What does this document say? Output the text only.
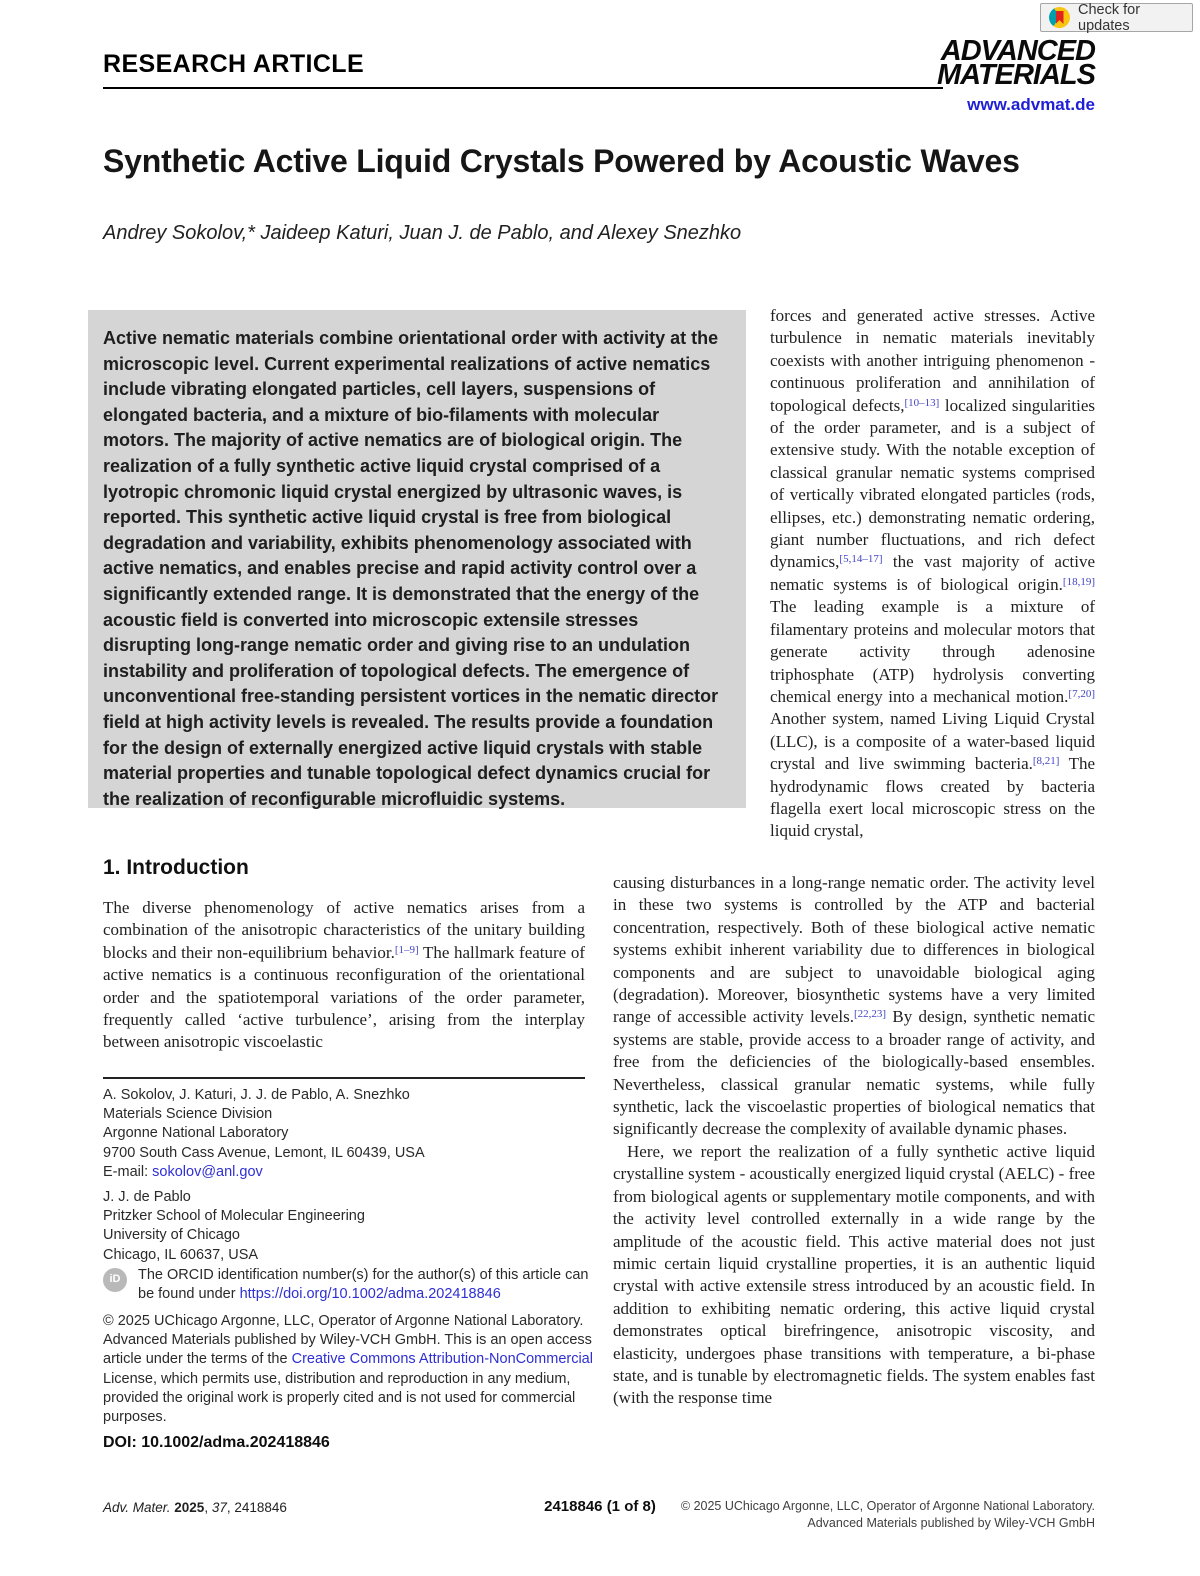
Check for updates
RESEARCH ARTICLE	ADVANCED
MATERIALS
www.advmat.de
Synthetic Active Liquid Crystals Powered by Acoustic Waves
Andrey Sokolov,* Jaideep Katuri, Juan J. de Pablo, and Alexey Snezhko
Active nematic materials combine orientational order with activity at the microscopic level. Current experimental realizations of active nematics include vibrating elongated particles, cell layers, suspensions of elongated bacteria, and a mixture of bio-filaments with molecular motors. The majority of active nematics are of biological origin. The realization of a fully synthetic active liquid crystal comprised of a lyotropic chromonic liquid crystal energized by ultrasonic waves, is reported. This synthetic active liquid crystal is free from biological degradation and variability, exhibits phenomenology associated with active nematics, and enables precise and rapid activity control over a significantly extended range. It is demonstrated that the energy of the acoustic field is converted into microscopic extensile stresses disrupting long-range nematic order and giving rise to an undulation instability and proliferation of topological defects. The emergence of unconventional free-standing persistent vortices in the nematic director field at high activity levels is revealed. The results provide a foundation for the design of externally energized active liquid crystals with stable material properties and tunable topological defect dynamics crucial for the realization of reconfigurable microfluidic systems.
forces and generated active stresses. Active turbulence in nematic materials inevitably coexists with another intriguing phenomenon - continuous proliferation and annihilation of topological defects,[10–13] localized singularities of the order parameter, and is a subject of extensive study. With the notable exception of classical granular nematic systems comprised of vertically vibrated elongated particles (rods, ellipses, etc.) demonstrating nematic ordering, giant number fluctuations, and rich defect dynamics,[5,14–17] the vast majority of active nematic systems is of biological origin.[18,19] The leading example is a mixture of filamentary proteins and molecular motors that generate activity through adenosine triphosphate (ATP) hydrolysis converting chemical energy into a mechanical motion.[7,20] Another system, named Living Liquid Crystal (LLC), is a composite of a water-based liquid crystal and live swimming bacteria.[8,21] The hydrodynamic flows created by bacteria flagella exert local microscopic stress on the liquid crystal,
causing disturbances in a long-range nematic order. The activity level in these two systems is controlled by the ATP and bacterial concentration, respectively. Both of these biological active nematic systems exhibit inherent variability due to differences in biological components and are subject to unavoidable biological aging (degradation). Moreover, biosynthetic systems have a very limited range of accessible activity levels.[22,23] By design, synthetic nematic systems are stable, provide access to a broader range of activity, and free from the deficiencies of the biologically-based ensembles. Nevertheless, classical granular nematic systems, while fully synthetic, lack the viscoelastic properties of biological nematics that significantly decrease the complexity of available dynamic phases.
Here, we report the realization of a fully synthetic active liquid crystalline system - acoustically energized liquid crystal (AELC) - free from biological agents or supplementary motile components, and with the activity level controlled externally in a wide range by the amplitude of the acoustic field. This active material does not just mimic certain liquid crystalline properties, it is an authentic liquid crystal with active extensile stress introduced by an acoustic field. In addition to exhibiting nematic ordering, this active liquid crystal demonstrates optical birefringence, anisotropic viscosity, and elasticity, undergoes phase transitions with temperature, a bi-phase state, and is tunable by electromagnetic fields. The system enables fast (with the response time
1. Introduction
The diverse phenomenology of active nematics arises from a combination of the anisotropic characteristics of the unitary building blocks and their non-equilibrium behavior.[1–9] The hallmark feature of active nematics is a continuous reconfiguration of the orientational order and the spatiotemporal variations of the order parameter, frequently called ‘active turbulence’, arising from the interplay between anisotropic viscoelastic
A. Sokolov, J. Katuri, J. J. de Pablo, A. Snezhko
Materials Science Division
Argonne National Laboratory
9700 South Cass Avenue, Lemont, IL 60439, USA
E-mail: sokolov@anl.gov
J. J. de Pablo
Pritzker School of Molecular Engineering
University of Chicago
Chicago, IL 60637, USA
iD	The ORCID identification number(s) for the author(s) of this article can be found under https://doi.org/10.1002/adma.202418846
© 2025 UChicago Argonne, LLC, Operator of Argonne National Laboratory. Advanced Materials published by Wiley-VCH GmbH. This is an open access article under the terms of the Creative Commons Attribution-NonCommercial License, which permits use, distribution and reproduction in any medium, provided the original work is properly cited and is not used for commercial purposes.
DOI: 10.1002/adma.202418846
Adv. Mater. 2025, 37, 2418846	2418846 (1 of 8)	© 2025 UChicago Argonne, LLC, Operator of Argonne National Laboratory.
Advanced Materials published by Wiley-VCH GmbH
